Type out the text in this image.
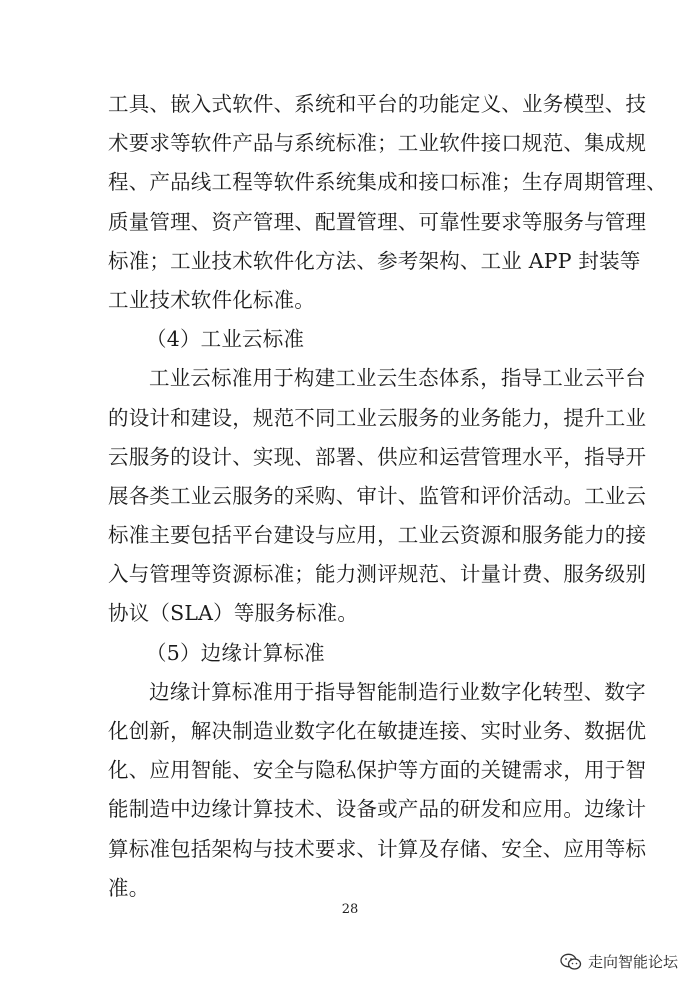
工具、嵌入式软件、系统和平台的功能定义、业务模型、技
术要求等软件产品与系统标准；工业软件接口规范、集成规
程、产品线工程等软件系统集成和接口标准；生存周期管理、
质量管理、资产管理、配置管理、可靠性要求等服务与管理
标准；工业技术软件化方法、参考架构、工业 APP 封装等
工业技术软件化标准。
（4）工业云标准
工业云标准用于构建工业云生态体系，指导工业云平台
的设计和建设，规范不同工业云服务的业务能力，提升工业
云服务的设计、实现、部署、供应和运营管理水平，指导开
展各类工业云服务的采购、审计、监管和评价活动。工业云
标准主要包括平台建设与应用，工业云资源和服务能力的接
入与管理等资源标准；能力测评规范、计量计费、服务级别
协议（SLA）等服务标准。
（5）边缘计算标准
边缘计算标准用于指导智能制造行业数字化转型、数字
化创新，解决制造业数字化在敏捷连接、实时业务、数据优
化、应用智能、安全与隐私保护等方面的关键需求，用于智
能制造中边缘计算技术、设备或产品的研发和应用。边缘计
算标准包括架构与技术要求、计算及存储、安全、应用等标
准。
28
走向智能论坛
